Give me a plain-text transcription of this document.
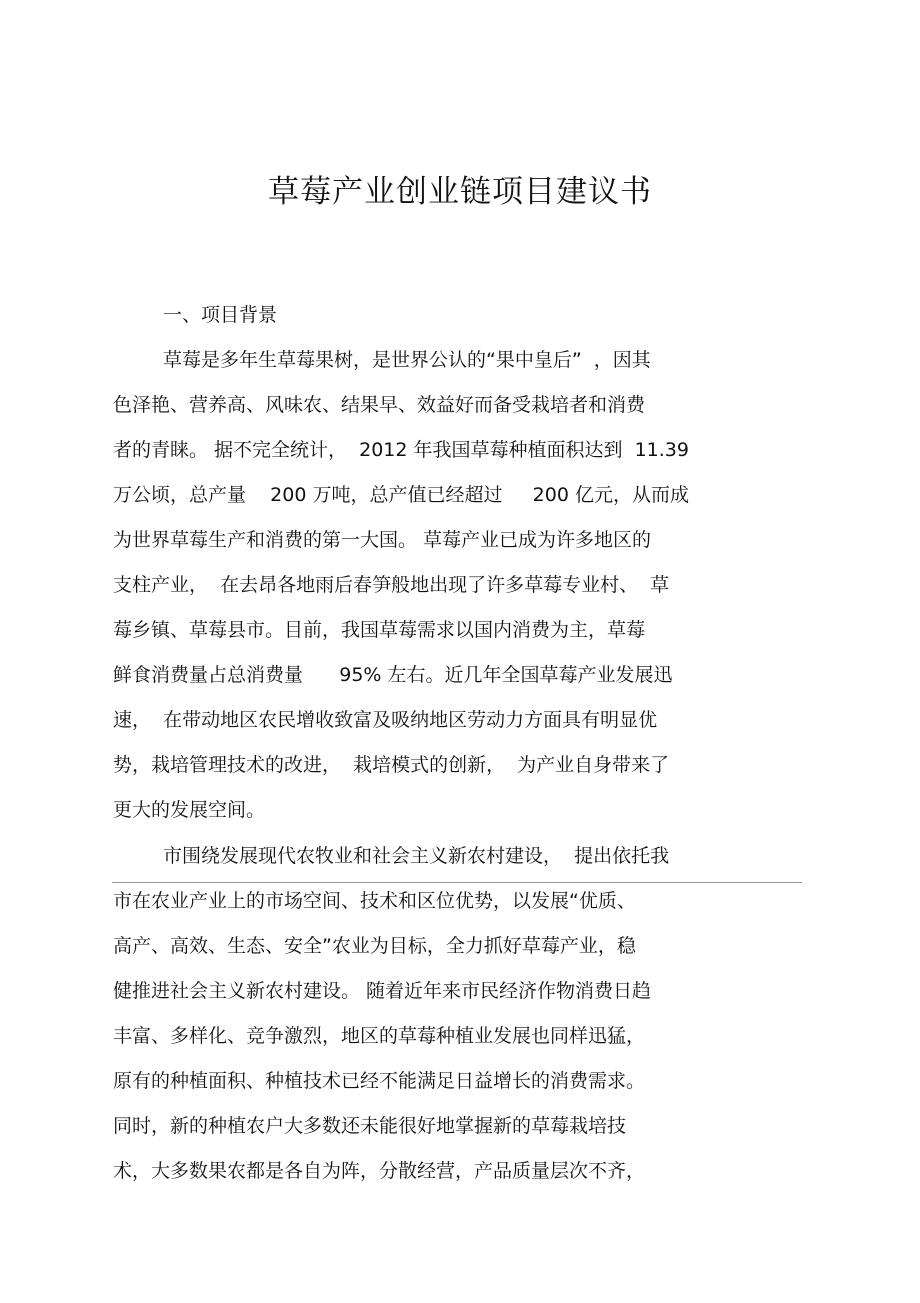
草莓产业创业链项目建议书
一、项目背景
草莓是多年生草莓果树，是世界公认的“果中皇后”  ，因其
色泽艳、营养高、风味农、结果早、效益好而备受栽培者和消费
者的青睐。 据不完全统计，  2012 年我国草莓种植面积达到  11.39
万公顷，总产量    200 万吨，总产值已经超过     200 亿元，从而成
为世界草莓生产和消费的第一大国。 草莓产业已成为许多地区的
支柱产业，  在去昂各地雨后春笋般地出现了许多草莓专业村、  草
莓乡镇、草莓县市。目前，我国草莓需求以国内消费为主，草莓
鲜食消费量占总消费量      95% 左右。近几年全国草莓产业发展迅
速，  在带动地区农民增收致富及吸纳地区劳动力方面具有明显优
势，栽培管理技术的改进，  栽培模式的创新，  为产业自身带来了
更大的发展空间。
市围绕发展现代农牧业和社会主义新农村建设，  提出依托我
市在农业产业上的市场空间、技术和区位优势，以发展“优质、
高产、高效、生态、安全”农业为目标，全力抓好草莓产业，稳
健推进社会主义新农村建设。 随着近年来市民经济作物消费日趋
丰富、多样化、竞争激烈，地区的草莓种植业发展也同样迅猛，
原有的种植面积、种植技术已经不能满足日益增长的消费需求。
同时，新的种植农户大多数还未能很好地掌握新的草莓栽培技
术，大多数果农都是各自为阵，分散经营，产品质量层次不齐，
